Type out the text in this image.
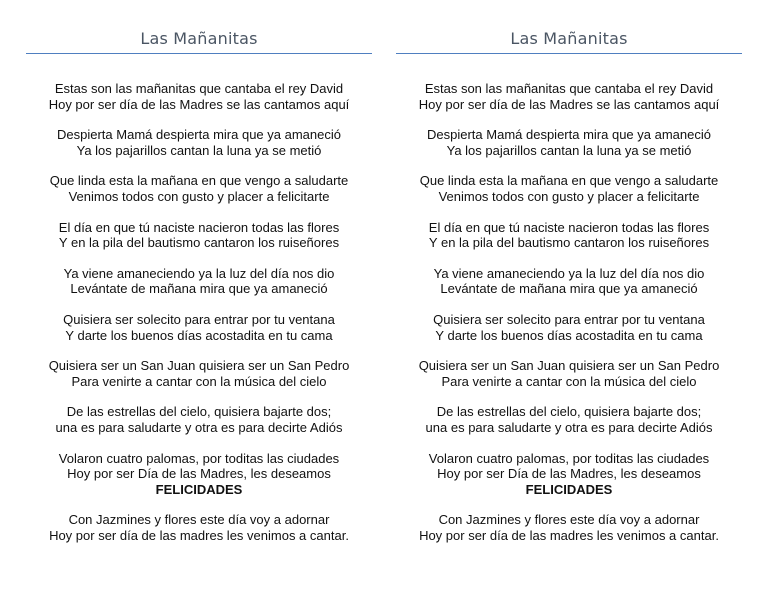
Las Mañanitas
Estas son las mañanitas que cantaba el rey David
Hoy por ser día de las Madres se las cantamos aquí
Despierta Mamá despierta mira que ya amaneció
Ya los pajarillos cantan la luna ya se metió
Que linda esta la mañana en que vengo a saludarte
Venimos todos con gusto y placer a felicitarte
El día en que tú naciste nacieron todas las flores
Y en la pila del bautismo cantaron los ruiseñores
Ya viene amaneciendo ya la luz del día nos dio
Levántate de mañana mira que ya amaneció
Quisiera ser solecito para entrar por tu ventana
Y darte los buenos días acostadita en tu cama
Quisiera ser un San Juan quisiera ser un San Pedro
Para venirte a cantar con la música del cielo
De las estrellas del cielo, quisiera bajarte dos;
una es para saludarte y otra es para decirte Adiós
Volaron cuatro palomas, por toditas las ciudades
Hoy por ser Día de las Madres, les deseamos
FELICIDADES
Con Jazmines y flores este día voy a adornar
Hoy por ser día de las madres les venimos a cantar.
Las Mañanitas
Estas son las mañanitas que cantaba el rey David
Hoy por ser día de las Madres se las cantamos aquí
Despierta Mamá despierta mira que ya amaneció
Ya los pajarillos cantan la luna ya se metió
Que linda esta la mañana en que vengo a saludarte
Venimos todos con gusto y placer a felicitarte
El día en que tú naciste nacieron todas las flores
Y en la pila del bautismo cantaron los ruiseñores
Ya viene amaneciendo ya la luz del día nos dio
Levántate de mañana mira que ya amaneció
Quisiera ser solecito para entrar por tu ventana
Y darte los buenos días acostadita en tu cama
Quisiera ser un San Juan quisiera ser un San Pedro
Para venirte a cantar con la música del cielo
De las estrellas del cielo, quisiera bajarte dos;
una es para saludarte y otra es para decirte Adiós
Volaron cuatro palomas, por toditas las ciudades
Hoy por ser Día de las Madres, les deseamos
FELICIDADES
Con Jazmines y flores este día voy a adornar
Hoy por ser día de las madres les venimos a cantar.
